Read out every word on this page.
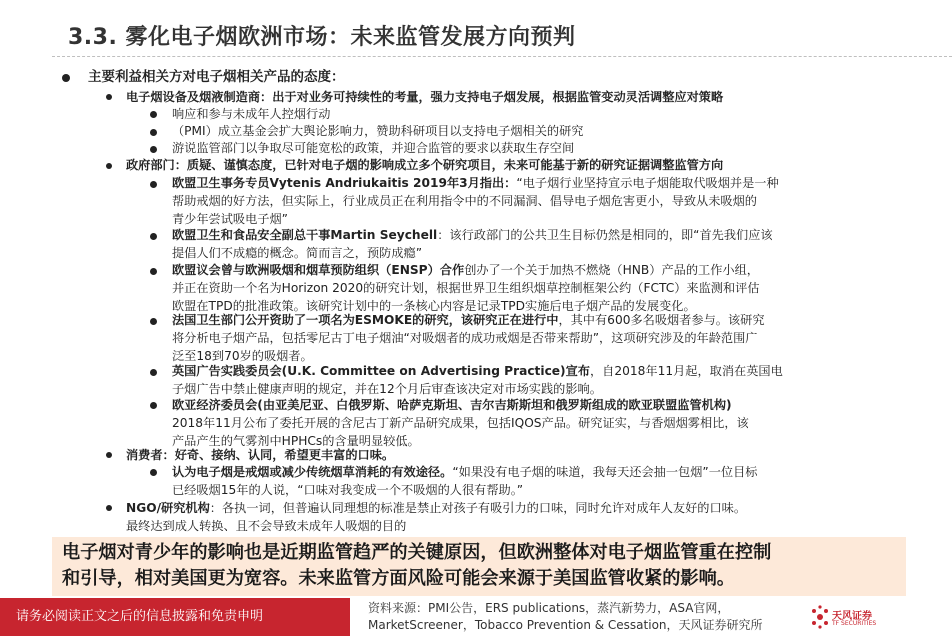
3.3. 雾化电子烟欧洲市场：未来监管发展方向预判
主要利益相关方对电子烟相关产品的态度：
电子烟设备及烟液制造商：出于对业务可持续性的考量，强力支持电子烟发展，根据监管变动灵活调整应对策略
响应和参与未成年人控烟行动
（PMI）成立基金会扩大舆论影响力，赞助科研项目以支持电子烟相关的研究
游说监管部门以争取尽可能宽松的政策，并迎合监管的要求以获取生存空间
政府部门：质疑、谨慎态度，已针对电子烟的影响成立多个研究项目，未来可能基于新的研究证据调整监管方向
欧盟卫生事务专员Vytenis Andriukaitis 2019年3月指出：“电子烟行业坚持宣示电子烟能取代吸烟并是一种
帮助戒烟的好方法，但实际上，行业成员正在利用指令中的不同漏洞、倡导电子烟危害更小，导致从未吸烟的
青少年尝试吸电子烟”
欧盟卫生和食品安全副总干事Martin Seychell：该行政部门的公共卫生目标仍然是相同的，即“首先我们应该
提倡人们不成瘾的概念。简而言之，预防成瘾”
欧盟议会曾与欧洲吸烟和烟草预防组织（ENSP）合作创办了一个关于加热不燃烧（HNB）产品的工作小组，
并正在资助一个名为Horizon 2020的研究计划，根据世界卫生组织烟草控制框架公约（FCTC）来监测和评估
欧盟在TPD的批准政策。该研究计划中的一条核心内容是记录TPD实施后电子烟产品的发展变化。
法国卫生部门公开资助了一项名为ESMOKE的研究，该研究正在进行中，其中有600多名吸烟者参与。该研究
将分析电子烟产品，包括零尼古丁电子烟油“对吸烟者的成功戒烟是否带来帮助”，这项研究涉及的年龄范围广
泛至18到70岁的吸烟者。
英国广告实践委员会(U.K. Committee on Advertising Practice)宣布，自2018年11月起，取消在英国电
子烟广告中禁止健康声明的规定，并在12个月后审查该决定对市场实践的影响。
欧亚经济委员会(由亚美尼亚、白俄罗斯、哈萨克斯坦、吉尔吉斯斯坦和俄罗斯组成的欧亚联盟监管机构)
2018年11月公布了委托开展的含尼古丁新产品研究成果，包括IQOS产品。研究证实，与香烟烟雾相比，该
产品产生的气雾剂中HPHCs的含量明显较低。
消费者：好奇、接纳、认同，希望更丰富的口味。
认为电子烟是戒烟或减少传统烟草消耗的有效途径。“如果没有电子烟的味道，我每天还会抽一包烟”一位目标
已经吸烟15年的人说，“口味对我变成一个不吸烟的人很有帮助。”
NGO/研究机构：各执一词，但普遍认同理想的标准是禁止对孩子有吸引力的口味，同时允许对成年人友好的口味。
最终达到成人转换、且不会导致未成年人吸烟的目的
电子烟对青少年的影响也是近期监管趋严的关键原因，但欧洲整体对电子烟监管重在控制
和引导，相对美国更为宽容。未来监管方面风险可能会来源于美国监管收紧的影响。
请务必阅读正文之后的信息披露和免责申明
资料来源：PMI公告，ERS publications，蒸汽新势力，ASA官网，
MarketScreener，Tobacco Prevention & Cessation，天风证券研究所
天风证券
TF SECURITIES
